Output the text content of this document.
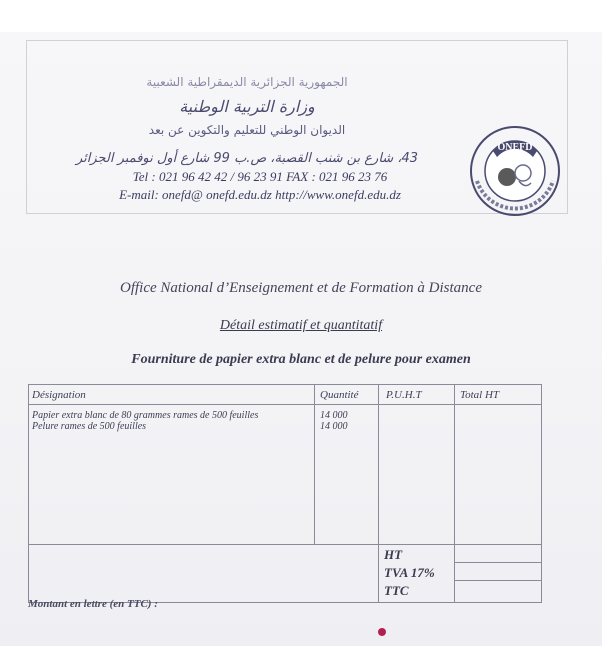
الجمهورية الجزائرية الديمقراطية الشعبية
وزارة التربية الوطنية
الديوان الوطني للتعليم والتكوين عن بعد
43، شارع بن شنب القصبة، ص.ب 99 شارع أول نوفمبر الجزائر
Tel : 021 96 42 42 / 96 23 91 FAX : 021 96 23 76
E-mail: onefd@ onefd.edu.dz http://www.onefd.edu.dz
ONEFD
Office National d’Enseignement et de Formation à Distance
Détail estimatif et quantitatif
Fourniture de papier extra blanc et de pelure pour examen
Désignation	Quantité	P.U.H.T	Total HT
Papier extra blanc de 80 grammes rames de 500 feuilles	14 000
Pelure rames de 500 feuilles	14 000
HT
TVA 17%
TTC
Montant en lettre (en TTC) :
